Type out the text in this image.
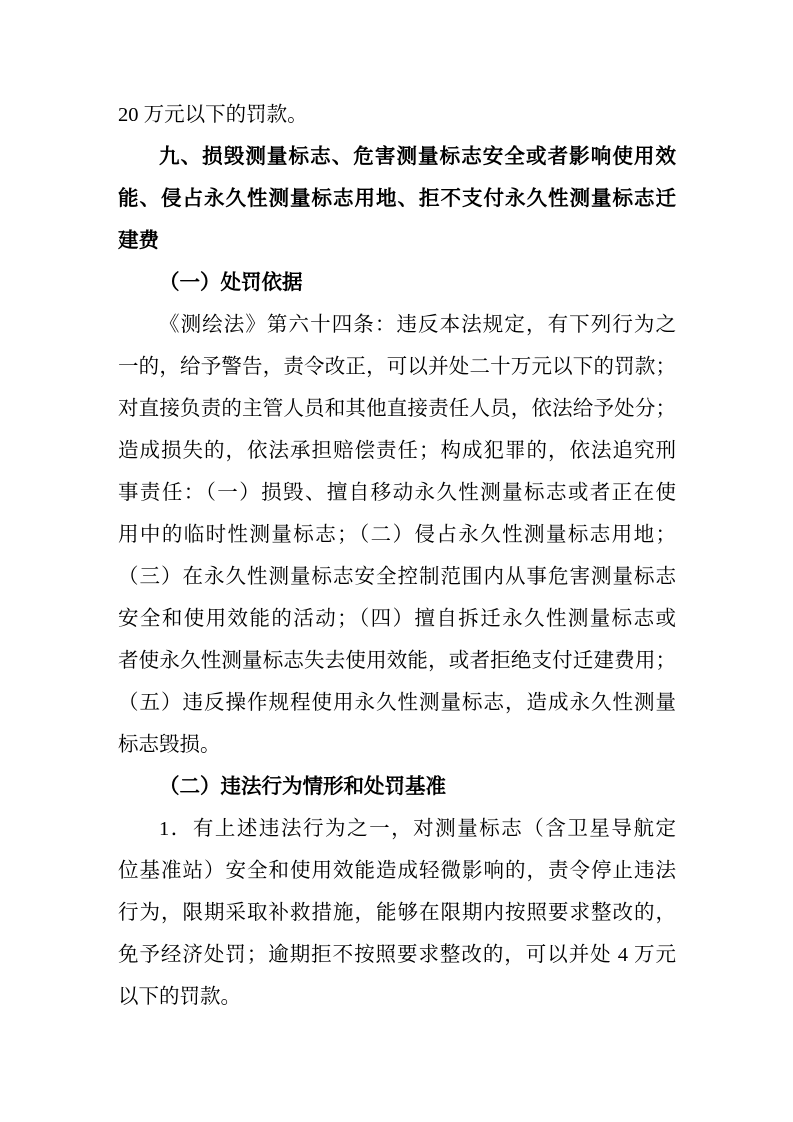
20 万元以下的罚款。
九、损毁测量标志、危害测量标志安全或者影响使用效
能、侵占永久性测量标志用地、拒不支付永久性测量标志迁
建费
（一）处罚依据
《测绘法》第六十四条：违反本法规定，有下列行为之
一的，给予警告，责令改正，可以并处二十万元以下的罚款；
对直接负责的主管人员和其他直接责任人员，依法给予处分；
造成损失的，依法承担赔偿责任；构成犯罪的，依法追究刑
事责任：（一）损毁、擅自移动永久性测量标志或者正在使
用中的临时性测量标志；（二）侵占永久性测量标志用地；
（三）在永久性测量标志安全控制范围内从事危害测量标志
安全和使用效能的活动；（四）擅自拆迁永久性测量标志或
者使永久性测量标志失去使用效能，或者拒绝支付迁建费用；
（五）违反操作规程使用永久性测量标志，造成永久性测量
标志毁损。
（二）违法行为情形和处罚基准
1．有上述违法行为之一，对测量标志（含卫星导航定
位基准站）安全和使用效能造成轻微影响的，责令停止违法
行为，限期采取补救措施，能够在限期内按照要求整改的，
免予经济处罚；逾期拒不按照要求整改的，可以并处 4 万元
以下的罚款。
